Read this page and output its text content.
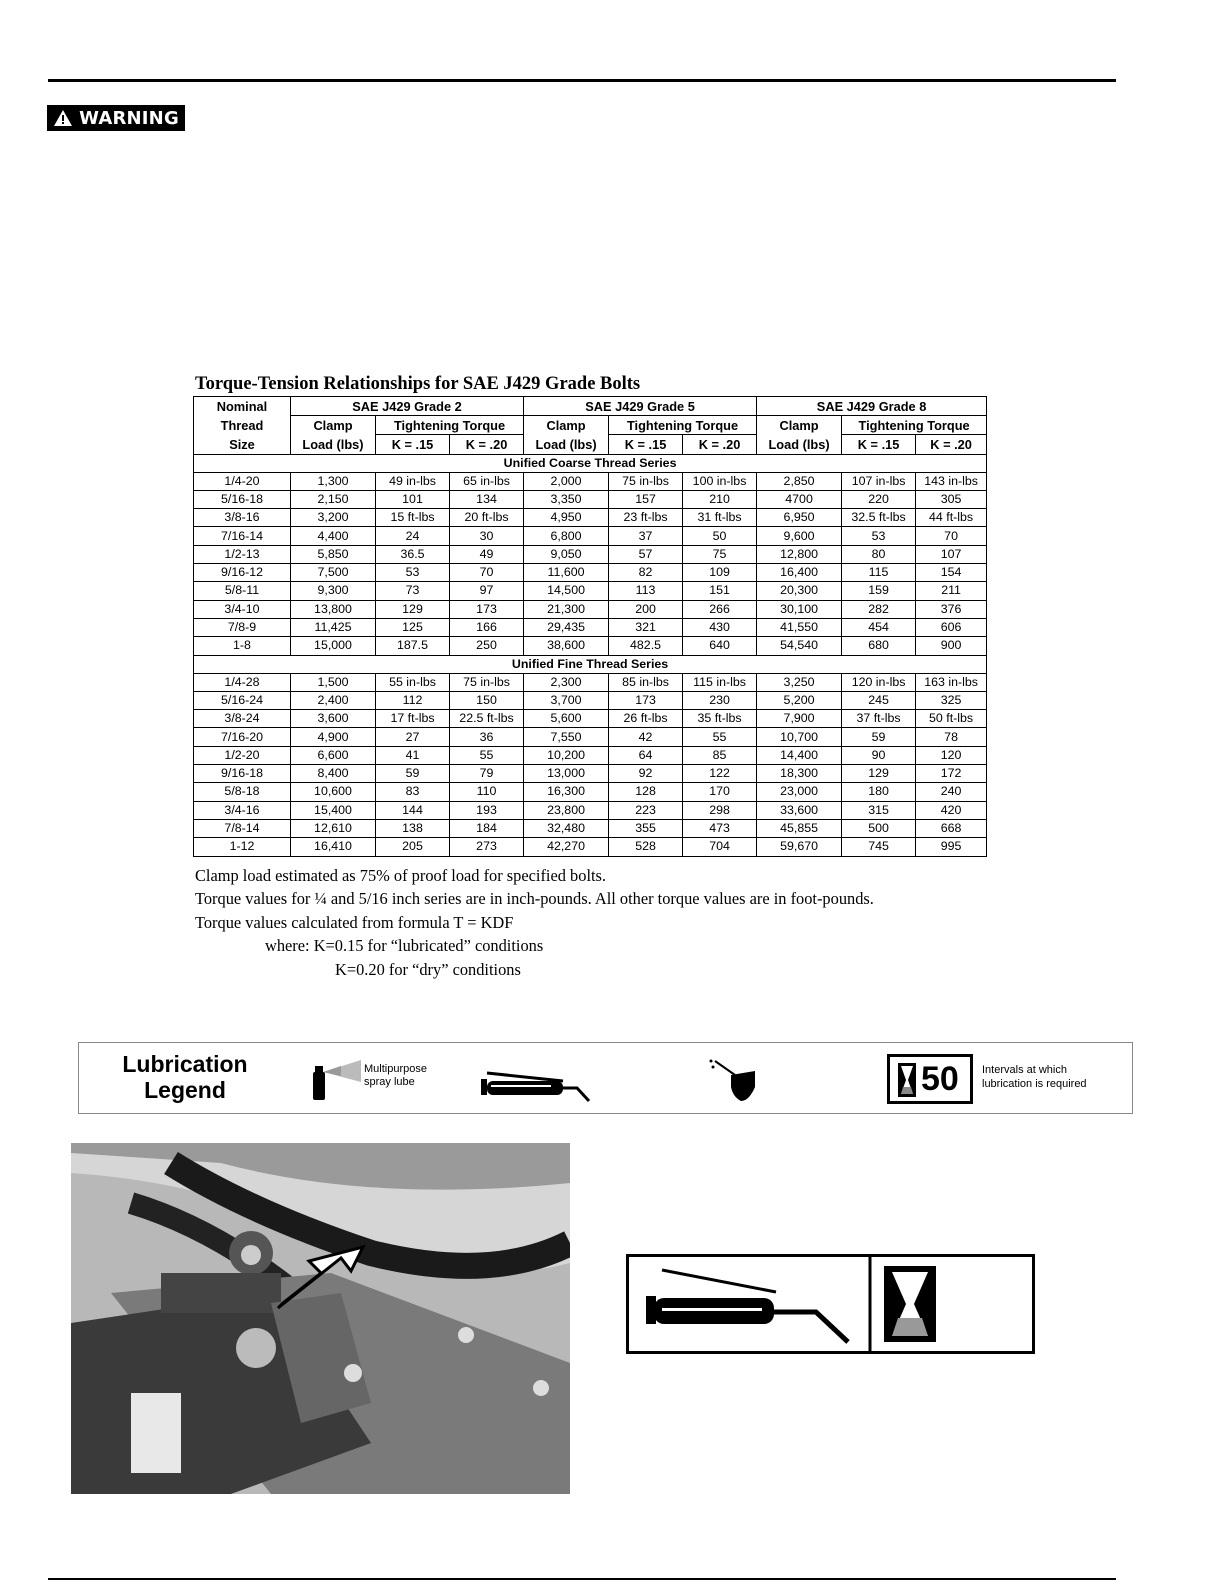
WARNING
Torque-Tension Relationships for SAE J429 Grade Bolts
Nominal	SAE J429 Grade 2			SAE J429 Grade 5			SAE J429 Grade 8		
Thread	Clamp	Tightening Torque		Clamp	Tightening Torque		Clamp	Tightening Torque	
Size	Load (lbs)	K = .15	K = .20	Load (lbs)	K = .15	K = .20	Load (lbs)	K = .15	K = .20
Unified Coarse Thread Series									
1/4-20	1,300	49 in-lbs	65 in-lbs	2,000	75 in-lbs	100 in-lbs	2,850	107 in-lbs	143 in-lbs
5/16-18	2,150	101	134	3,350	157	210	4700	220	305
3/8-16	3,200	15 ft-lbs	20 ft-lbs	4,950	23 ft-lbs	31 ft-lbs	6,950	32.5 ft-lbs	44 ft-lbs
7/16-14	4,400	24	30	6,800	37	50	9,600	53	70
1/2-13	5,850	36.5	49	9,050	57	75	12,800	80	107
9/16-12	7,500	53	70	11,600	82	109	16,400	115	154
5/8-11	9,300	73	97	14,500	113	151	20,300	159	211
3/4-10	13,800	129	173	21,300	200	266	30,100	282	376
7/8-9	11,425	125	166	29,435	321	430	41,550	454	606
1-8	15,000	187.5	250	38,600	482.5	640	54,540	680	900
Unified Fine Thread Series									
1/4-28	1,500	55 in-lbs	75 in-lbs	2,300	85 in-lbs	115 in-lbs	3,250	120 in-lbs	163 in-lbs
5/16-24	2,400	112	150	3,700	173	230	5,200	245	325
3/8-24	3,600	17 ft-lbs	22.5 ft-lbs	5,600	26 ft-lbs	35 ft-lbs	7,900	37 ft-lbs	50 ft-lbs
7/16-20	4,900	27	36	7,550	42	55	10,700	59	78
1/2-20	6,600	41	55	10,200	64	85	14,400	90	120
9/16-18	8,400	59	79	13,000	92	122	18,300	129	172
5/8-18	10,600	83	110	16,300	128	170	23,000	180	240
3/4-16	15,400	144	193	23,800	223	298	33,600	315	420
7/8-14	12,610	138	184	32,480	355	473	45,855	500	668
1-12	16,410	205	273	42,270	528	704	59,670	745	995
Clamp load estimated as 75% of proof load for specified bolts.
Torque values for ¼ and 5/16 inch series are in inch-pounds. All other torque values are in foot-pounds.
Torque values calculated from formula T = KDF
where: K=0.15 for “lubricated” conditions
K=0.20 for “dry” conditions
Lubrication
Legend
Multipurpose
spray lube	50 Intervals at which
lubrication is required
